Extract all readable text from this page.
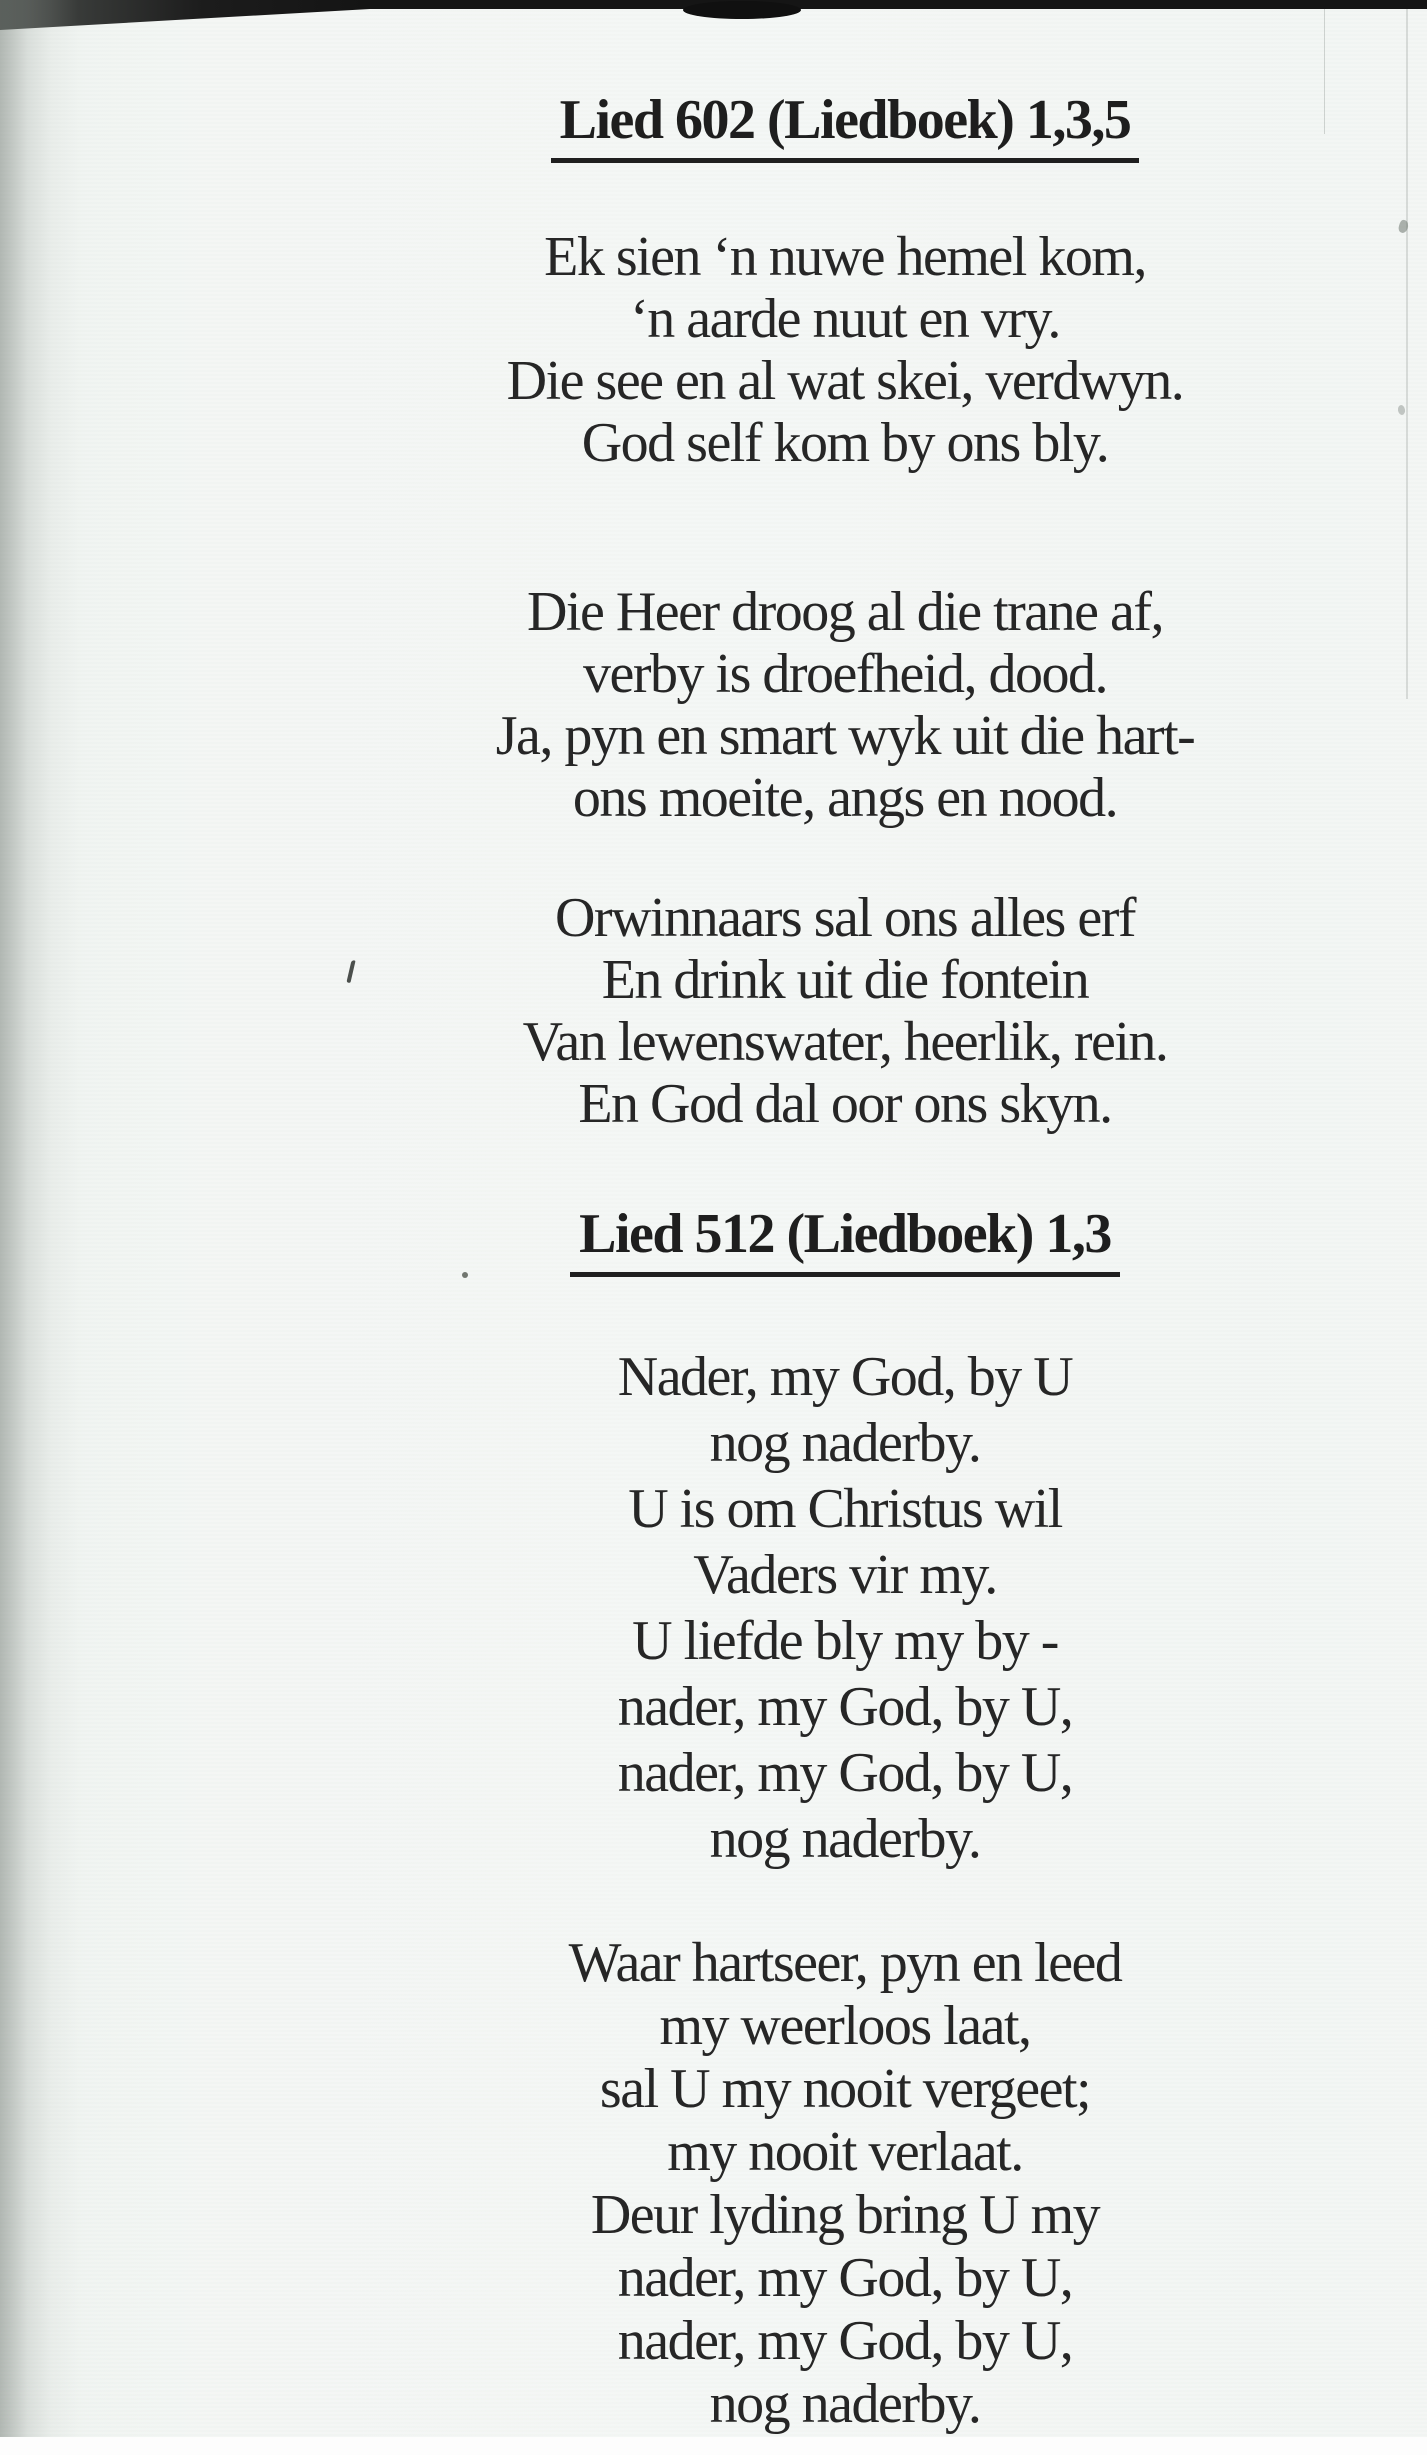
Lied 602 (Liedboek) 1,3,5

Ek sien ‘n nuwe hemel kom,
‘n aarde nuut en vry.
Die see en al wat skei, verdwyn.
God self kom by ons bly.

Die Heer droog al die trane af,
verby is droefheid, dood.
Ja, pyn en smart wyk uit die hart-
ons moeite, angs en nood.

Orwinnaars sal ons alles erf
En drink uit die fontein
Van lewenswater, heerlik, rein.
En God dal oor ons skyn.

Lied 512 (Liedboek) 1,3

Nader, my God, by U
nog naderby.
U is om Christus wil
Vaders vir my.
U liefde bly my by -
nader, my God, by U,
nader, my God, by U,
nog naderby.

Waar hartseer, pyn en leed
my weerloos laat,
sal U my nooit vergeet;
my nooit verlaat.
Deur lyding bring U my
nader, my God, by U,
nader, my God, by U,
nog naderby.
